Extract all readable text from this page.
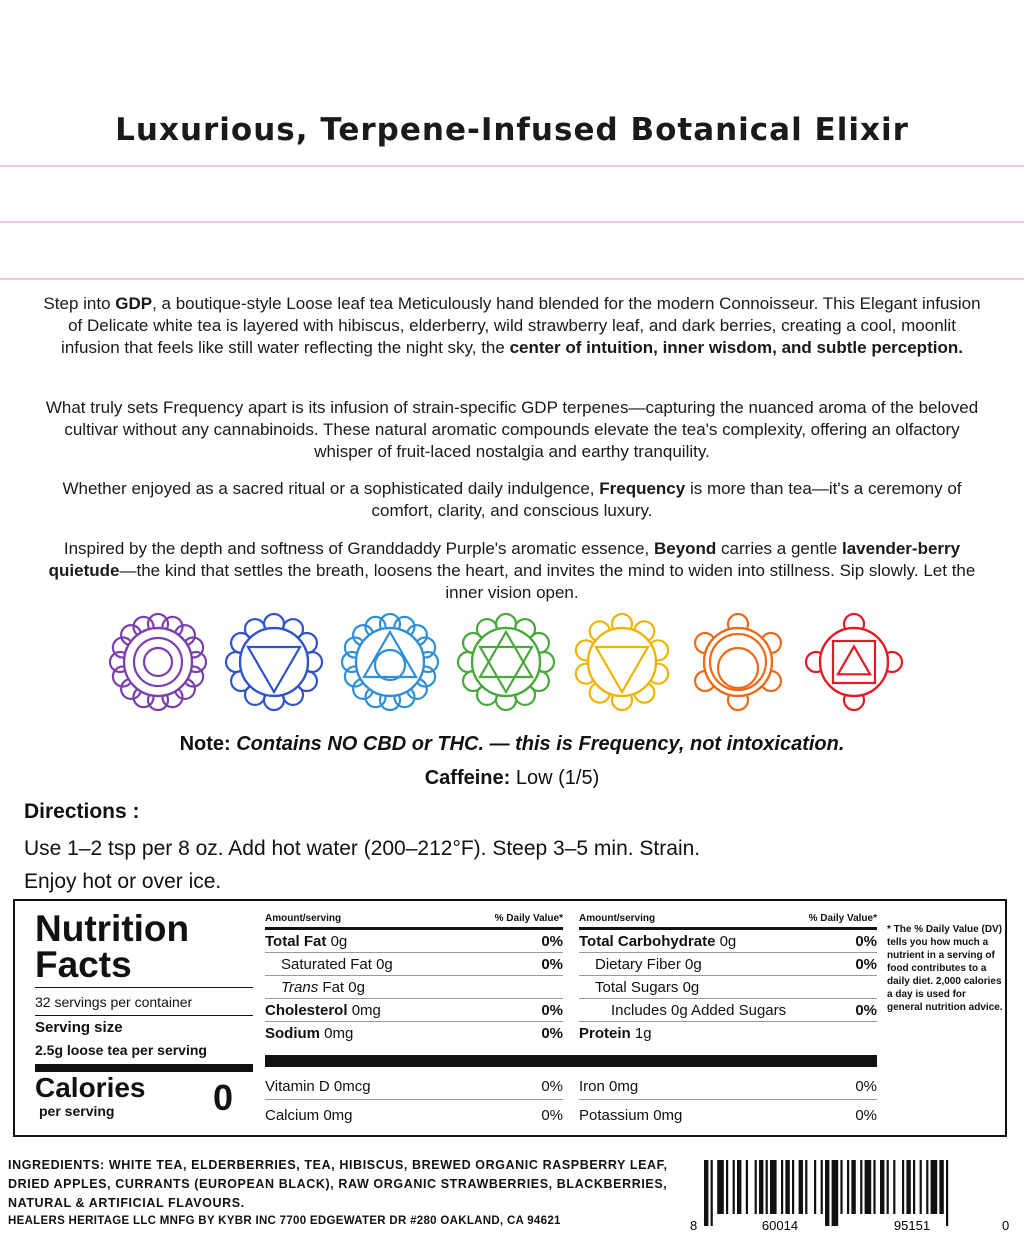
Luxurious, Terpene-Infused Botanical Elixir
Step into GDP, a boutique-style Loose leaf tea Meticulously hand blended for the modern Connoisseur. This Elegant infusion of Delicate white tea is layered with hibiscus, elderberry, wild strawberry leaf, and dark berries, creating a cool, moonlit infusion that feels like still water reflecting the night sky, the center of intuition, inner wisdom, and subtle perception.
What truly sets Frequency apart is its infusion of strain-specific GDP terpenes—capturing the nuanced aroma of the beloved cultivar without any cannabinoids. These natural aromatic compounds elevate the tea's complexity, offering an olfactory whisper of fruit-laced nostalgia and earthy tranquility.
Whether enjoyed as a sacred ritual or a sophisticated daily indulgence, Frequency is more than tea—it's a ceremony of comfort, clarity, and conscious luxury.
Inspired by the depth and softness of Granddaddy Purple's aromatic essence, Beyond carries a gentle lavender-berry quietude—the kind that settles the breath, loosens the heart, and invites the mind to widen into stillness. Sip slowly. Let the inner vision open.
Note: Contains NO CBD or THC. — this is Frequency, not intoxication.
Caffeine: Low (1/5)
Directions :
Use 1–2 tsp per 8 oz. Add hot water (200–212°F). Steep 3–5 min. Strain.
Enjoy hot or over ice.
Nutrition
Facts
32 servings per container
Serving size
2.5g loose tea per serving
Calories
per serving	0
Amount/serving	% Daily Value*
Total Fat 0g	0%
Saturated Fat 0g	0%
Trans Fat 0g
Cholesterol 0mg	0%
Sodium 0mg	0%
Amount/serving	% Daily Value*
Total Carbohydrate 0g	0%
Dietary Fiber 0g	0%
Total Sugars 0g
Includes 0g Added Sugars	0%
Protein 1g
Vitamin D 0mcg	0%
Calcium 0mg	0%
Iron 0mg	0%
Potassium 0mg	0%
* The % Daily Value (DV) tells you how much a nutrient in a serving of food contributes to a daily diet. 2,000 calories a day is used for general nutrition advice.
INGREDIENTS: WHITE TEA, ELDERBERRIES, TEA, HIBISCUS, BREWED ORGANIC RASPBERRY LEAF, DRIED APPLES, CURRANTS (EUROPEAN BLACK), RAW ORGANIC STRAWBERRIES, BLACKBERRIES, NATURAL & ARTIFICIAL FLAVOURS.
HEALERS HERITAGE LLC MNFG BY KYBR INC 7700 EDGEWATER DR #280 OAKLAND, CA 94621	8	60014	95151	0
